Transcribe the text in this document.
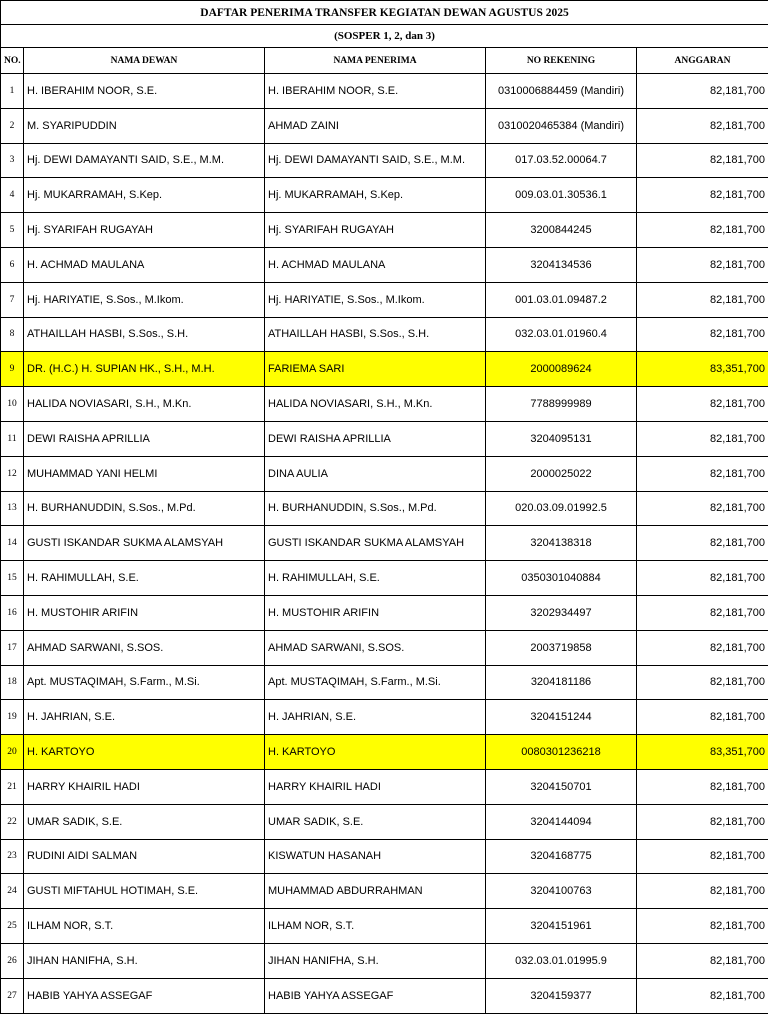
DAFTAR PENERIMA TRANSFER KEGIATAN DEWAN AGUSTUS 2025				
(SOSPER 1, 2, dan 3)				
NO.	NAMA DEWAN	NAMA PENERIMA	NO REKENING	ANGGARAN
1	H. IBERAHIM NOOR, S.E.	H. IBERAHIM NOOR, S.E.	0310006884459 (Mandiri)	82,181,700
2	M. SYARIPUDDIN	AHMAD ZAINI	0310020465384 (Mandiri)	82,181,700
3	Hj. DEWI DAMAYANTI SAID, S.E., M.M.	Hj. DEWI DAMAYANTI SAID, S.E., M.M.	017.03.52.00064.7	82,181,700
4	Hj. MUKARRAMAH, S.Kep.	Hj. MUKARRAMAH, S.Kep.	009.03.01.30536.1	82,181,700
5	Hj. SYARIFAH RUGAYAH	Hj. SYARIFAH RUGAYAH	3200844245	82,181,700
6	H. ACHMAD MAULANA	H. ACHMAD MAULANA	3204134536	82,181,700
7	Hj. HARIYATIE, S.Sos., M.Ikom.	Hj. HARIYATIE, S.Sos., M.Ikom.	001.03.01.09487.2	82,181,700
8	ATHAILLAH HASBI, S.Sos., S.H.	ATHAILLAH HASBI, S.Sos., S.H.	032.03.01.01960.4	82,181,700
9	DR. (H.C.) H. SUPIAN HK., S.H., M.H.	FARIEMA SARI	2000089624	83,351,700
10	HALIDA NOVIASARI, S.H., M.Kn.	HALIDA NOVIASARI, S.H., M.Kn.	7788999989	82,181,700
11	DEWI RAISHA APRILLIA	DEWI RAISHA APRILLIA	3204095131	82,181,700
12	MUHAMMAD YANI HELMI	DINA AULIA	2000025022	82,181,700
13	H. BURHANUDDIN, S.Sos., M.Pd.	H. BURHANUDDIN, S.Sos., M.Pd.	020.03.09.01992.5	82,181,700
14	GUSTI ISKANDAR SUKMA ALAMSYAH	GUSTI ISKANDAR SUKMA ALAMSYAH	3204138318	82,181,700
15	H. RAHIMULLAH, S.E.	H. RAHIMULLAH, S.E.	0350301040884	82,181,700
16	H. MUSTOHIR ARIFIN	H. MUSTOHIR ARIFIN	3202934497	82,181,700
17	AHMAD SARWANI, S.SOS.	AHMAD SARWANI, S.SOS.	2003719858	82,181,700
18	Apt. MUSTAQIMAH, S.Farm., M.Si.	Apt. MUSTAQIMAH, S.Farm., M.Si.	3204181186	82,181,700
19	H. JAHRIAN, S.E.	H. JAHRIAN, S.E.	3204151244	82,181,700
20	H. KARTOYO	H. KARTOYO	0080301236218	83,351,700
21	HARRY KHAIRIL HADI	HARRY KHAIRIL HADI	3204150701	82,181,700
22	UMAR SADIK, S.E.	UMAR SADIK, S.E.	3204144094	82,181,700
23	RUDINI AIDI SALMAN	KISWATUN HASANAH	3204168775	82,181,700
24	GUSTI MIFTAHUL HOTIMAH, S.E.	MUHAMMAD ABDURRAHMAN	3204100763	82,181,700
25	ILHAM NOR, S.T.	ILHAM NOR, S.T.	3204151961	82,181,700
26	JIHAN HANIFHA, S.H.	JIHAN HANIFHA, S.H.	032.03.01.01995.9	82,181,700
27	HABIB YAHYA ASSEGAF	HABIB YAHYA ASSEGAF	3204159377	82,181,700
